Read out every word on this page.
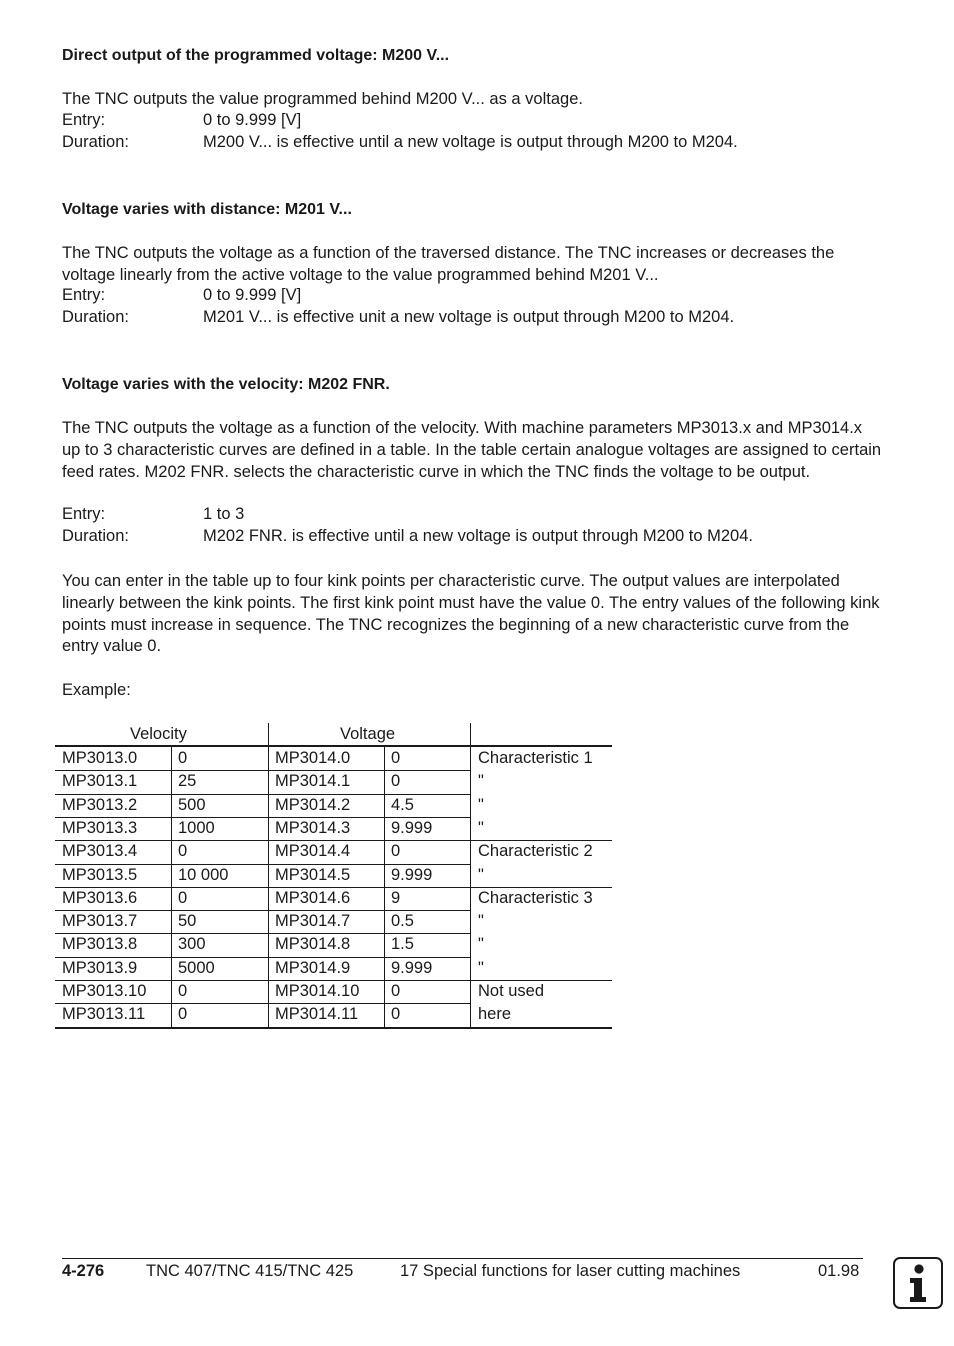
Direct output of the programmed voltage: M200 V...
The TNC outputs the value programmed behind M200 V... as a voltage.
Entry:	0 to 9.999 [V]
Duration:	M200 V... is effective until a new voltage is output through M200 to M204.
Voltage varies with distance: M201 V...
The TNC outputs the voltage as a function of the traversed distance. The TNC increases or decreases the voltage linearly from the active voltage to the value programmed behind M201 V...
Entry:	0 to 9.999 [V]
Duration:	M201 V... is effective unit a new voltage is output through M200 to M204.
Voltage varies with the velocity: M202 FNR.
The TNC outputs the voltage as a function of the velocity. With machine parameters MP3013.x and MP3014.x up to 3 characteristic curves are defined in a table. In the table certain analogue voltages are assigned to certain feed rates. M202 FNR. selects the characteristic curve in which the TNC finds the voltage to be output.
Entry:	1 to 3
Duration:	M202 FNR. is effective until a new voltage is output through M200 to M204.
You can enter in the table up to four kink points per characteristic curve. The output values are interpolated linearly between the kink points. The first kink point must have the value 0. The entry values of the following kink points must increase in sequence. The TNC recognizes the beginning of a new characteristic curve from the entry value 0.
Example:
Velocity	Voltage
MP3013.0 0	MP3014.0 0	Characteristic 1
MP3013.1 25	MP3014.1 0	"
MP3013.2 500	MP3014.2 4.5	"
MP3013.3 1000	MP3014.3 9.999	"
MP3013.4 0	MP3014.4 0	Characteristic 2
MP3013.5 10 000	MP3014.5 9.999	"
MP3013.6 0	MP3014.6 9	Characteristic 3
MP3013.7 50	MP3014.7 0.5	"
MP3013.8 300	MP3014.8 1.5	"
MP3013.9 5000	MP3014.9 9.999	"
MP3013.10 0	MP3014.10 0	Not used
MP3013.11 0	MP3014.11 0	here
4-276	TNC 407/TNC 415/TNC 425	17 Special functions for laser cutting machines	01.98
